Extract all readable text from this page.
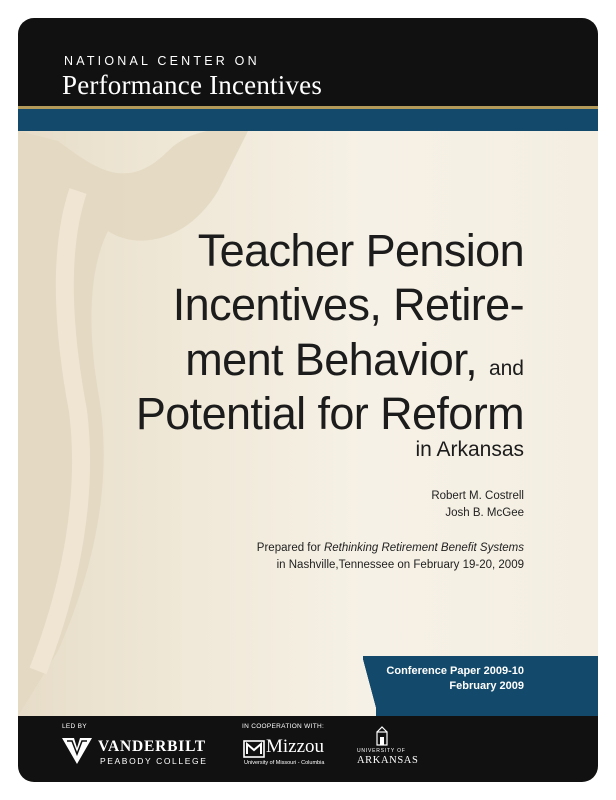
NATIONAL CENTER ON
Performance Incentives
Teacher Pension
Incentives, Retire-
ment Behavior, and
Potential for Reform
in Arkansas
Robert M. Costrell
Josh B. McGee
Prepared for Rethinking Retirement Benefit Systems
in Nashville,Tennessee on February 19-20, 2009
Conference Paper 2009-10
February 2009
LED BY	IN COOPERATION WITH:
VANDERBILT
PEABODY COLLEGE
Mizzou
University of Missouri - Columbia
UNIVERSITY OF
ARKANSAS
